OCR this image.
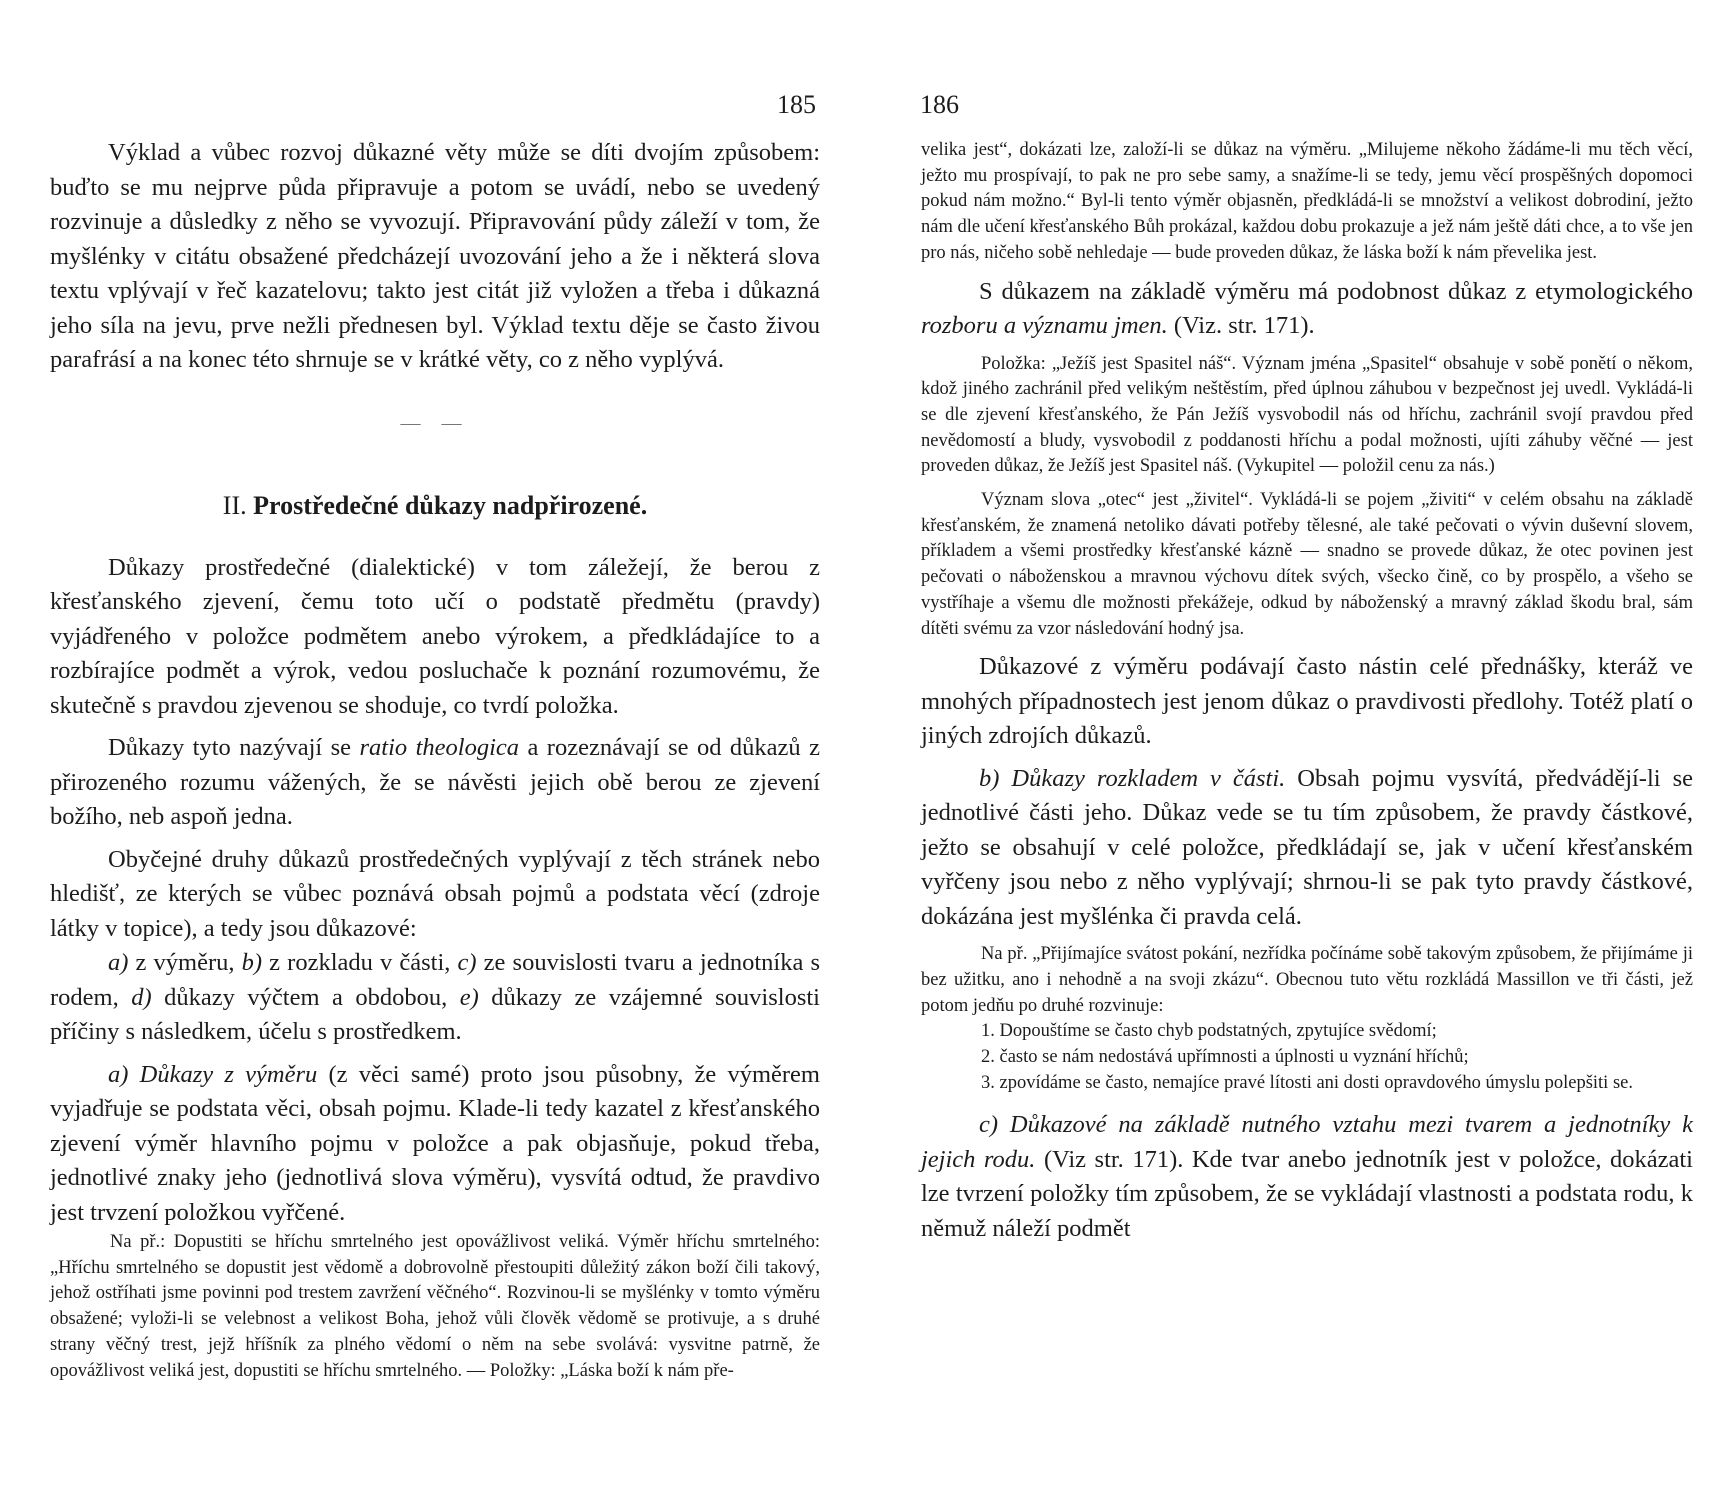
185

Výklad a vůbec rozvoj důkazné věty může se díti dvojím způsobem: buďto se mu nejprve půda připravuje a potom se uvádí, nebo se uvedený rozvinuje a důsledky z něho se vyvozují. Připravování půdy záleží v tom, že myšlénky v citátu obsažené předcházejí uvozování jeho a že i některá slova textu vplývají v řeč kazatelovu; takto jest citát již vyložen a třeba i důkazná jeho síla na jevu, prve nežli přednesen byl. Výklad textu děje se často živou parafrásí a na konec této shrnuje se v krátké věty, co z něho vyplývá.

— —
II. Prostředečné důkazy nadpřirozené.

Důkazy prostředečné (dialektické) v tom záležejí, že berou z křesťanského zjevení, čemu toto učí o podstatě předmětu (pravdy) vyjádřeného v položce podmětem anebo výrokem, a předkládajíce to a rozbírajíce podmět a výrok, vedou posluchače k poznání rozumovému, že skutečně s pravdou zjevenou se shoduje, co tvrdí položka.

Důkazy tyto nazývají se ratio theologica a rozeznávají se od důkazů z přirozeného rozumu vážených, že se návěsti jejich obě berou ze zjevení božího, neb aspoň jedna.

Obyčejné druhy důkazů prostředečných vyplývají z těch stránek nebo hledišť, ze kterých se vůbec poznává obsah pojmů a podstata věcí (zdroje látky v topice), a tedy jsou důkazové:

a) z výměru, b) z rozkladu v části, c) ze souvislosti tvaru a jednotníka s rodem, d) důkazy výčtem a obdobou, e) důkazy ze vzájemné souvislosti příčiny s následkem, účelu s prostředkem.

a) Důkazy z výměru (z věci samé) proto jsou působny, že výměrem vyjadřuje se podstata věci, obsah pojmu. Klade-li tedy kazatel z křesťanského zjevení výměr hlavního pojmu v položce a pak objasňuje, pokud třeba, jednotlivé znaky jeho (jednotlivá slova výměru), vysvítá odtud, že pravdivo jest trvzení položkou vyřčené.

Na př.: Dopustiti se hříchu smrtelného jest opovážlivost veliká. Výměr hříchu smrtelného: „Hříchu smrtelného se dopustit jest vědomě a dobrovolně přestoupiti důležitý zákon boží čili takový, jehož ostříhati jsme povinni pod trestem zavržení věčného“. Rozvinou-li se myšlénky v tomto výměru obsažené; vyloži-li se velebnost a velikost Boha, jehož vůli člověk vědomě se protivuje, a s druhé strany věčný trest, jejž hříšník za plného vědomí o něm na sebe svolává: vysvitne patrně, že opovážlivost veliká jest, dopustiti se hříchu smrtelného. — Položky: „Láska boží k nám pře-

186

velika jest“, dokázati lze, založí-li se důkaz na výměru. „Milujeme někoho žádáme-li mu těch věcí, ježto mu prospívají, to pak ne pro sebe samy, a snažíme-li se tedy, jemu věcí prospěšných dopomoci pokud nám možno.“ Byl-li tento výměr objasněn, předkládá-li se množství a velikost dobrodiní, ježto nám dle učení křesťanského Bůh prokázal, každou dobu prokazuje a jež nám ještě dáti chce, a to vše jen pro nás, ničeho sobě nehledaje — bude proveden důkaz, že láska boží k nám převelika jest.

S důkazem na základě výměru má podobnost důkaz z etymologického rozboru a významu jmen. (Viz. str. 171).

Položka: „Ježíš jest Spasitel náš“. Význam jména „Spasitel“ obsahuje v sobě ponětí o někom, kdož jiného zachránil před velikým neštěstím, před úplnou záhubou v bezpečnost jej uvedl. Vykládá-li se dle zjevení křesťanského, že Pán Ježíš vysvobodil nás od hříchu, zachránil svojí pravdou před nevědomostí a bludy, vysvobodil z poddanosti hříchu a podal možnosti, ujíti záhuby věčné — jest proveden důkaz, že Ježíš jest Spasitel náš. (Vykupitel — položil cenu za nás.)

Význam slova „otec“ jest „živitel“. Vykládá-li se pojem „živiti“ v celém obsahu na základě křesťanském, že znamená netoliko dávati potřeby tělesné, ale také pečovati o vývin duševní slovem, příkladem a všemi prostředky křesťanské kázně — snadno se provede důkaz, že otec povinen jest pečovati o náboženskou a mravnou výchovu dítek svých, všecko čině, co by prospělo, a všeho se vystříhaje a všemu dle možnosti překážeje, odkud by náboženský a mravný základ škodu bral, sám dítěti svému za vzor následování hodný jsa.

Důkazové z výměru podávají často nástin celé přednášky, kteráž ve mnohých případnostech jest jenom důkaz o pravdivosti předlohy. Totéž platí o jiných zdrojích důkazů.

b) Důkazy rozkladem v části. Obsah pojmu vysvítá, předvádějí-li se jednotlivé části jeho. Důkaz vede se tu tím způsobem, že pravdy částkové, ježto se obsahují v celé položce, předkládají se, jak v učení křesťanském vyřčeny jsou nebo z něho vyplývají; shrnou-li se pak tyto pravdy částkové, dokázána jest myšlénka či pravda celá.

Na př. „Přijímajíce svátost pokání, nezřídka počínáme sobě takovým způsobem, že přijímáme ji bez užitku, ano i nehodně a na svoji zkázu“. Obecnou tuto větu rozkládá Massillon ve tři části, jež potom jedňu po druhé rozvinuje:

1. Dopouštíme se často chyb podstatných, zpytujíce svědomí;

2. často se nám nedostává upřímnosti a úplnosti u vyznání hříchů;

3. zpovídáme se často, nemajíce pravé lítosti ani dosti opravdového úmyslu polepšiti se.

c) Důkazové na základě nutného vztahu mezi tvarem a jednotníky k jejich rodu. (Viz str. 171). Kde tvar anebo jednotník jest v položce, dokázati lze tvrzení položky tím způsobem, že se vykládají vlastnosti a podstata rodu, k němuž náleží podmět
